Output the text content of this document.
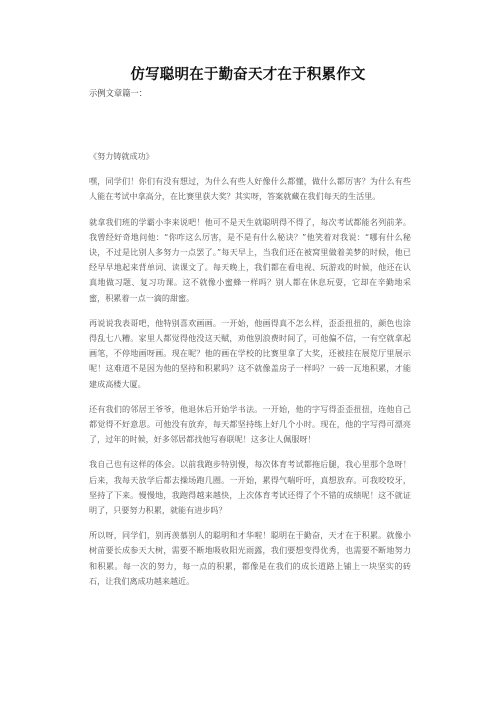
仿写聪明在于勤奋天才在于积累作文
示例文章篇一：

《努力铸就成功》

嘿，同学们！你们有没有想过，为什么有些人好像什么都懂，做什么都厉害？为什么有些人能在考试中拿高分，在比赛里获大奖？其实呀，答案就藏在我们每天的生活里。

就拿我们班的学霸小李来说吧！他可不是天生就聪明得不得了，每次考试都能名列前茅。我曾经好奇地问他：“你咋这么厉害，是不是有什么秘诀？”他笑着对我说：“哪有什么秘诀，不过是比别人多努力一点罢了。”每天早上，当我们还在被窝里做着美梦的时候，他已经早早地起来背单词、读课文了。每天晚上，我们都在看电视、玩游戏的时候，他还在认真地做习题、复习功课。这不就像小蜜蜂一样吗？别人都在休息玩耍，它却在辛勤地采蜜，积累着一点一滴的甜蜜。

再说说我表哥吧，他特别喜欢画画。一开始，他画得真不怎么样，歪歪扭扭的，颜色也涂得乱七八糟。家里人都觉得他没这天赋，劝他别浪费时间了，可他偏不信，一有空就拿起画笔，不停地画呀画。现在呢？他的画在学校的比赛里拿了大奖，还被挂在展览厅里展示呢！这难道不是因为他的坚持和积累吗？这不就像盖房子一样吗？一砖一瓦地积累，才能建成高楼大厦。

还有我们的邻居王爷爷，他退休后开始学书法。一开始，他的字写得歪歪扭扭，连他自己都觉得不好意思。可他没有放弃，每天都坚持练上好几个小时。现在，他的字写得可漂亮了，过年的时候，好多邻居都找他写春联呢！这多让人佩服呀！

我自己也有这样的体会。以前我跑步特别慢，每次体育考试都拖后腿，我心里那个急呀！后来，我每天放学后都去操场跑几圈。一开始，累得气喘吁吁，真想放弃。可我咬咬牙，坚持了下来。慢慢地，我跑得越来越快，上次体育考试还得了个不错的成绩呢！这不就证明了，只要努力积累，就能有进步吗？

所以呀，同学们，别再羡慕别人的聪明和才华啦！聪明在于勤奋，天才在于积累。就像小树苗要长成参天大树，需要不断地吸收阳光雨露，我们要想变得优秀，也需要不断地努力和积累。每一次的努力，每一点的积累，都像是在我们的成长道路上铺上一块坚实的砖石，让我们离成功越来越近。
